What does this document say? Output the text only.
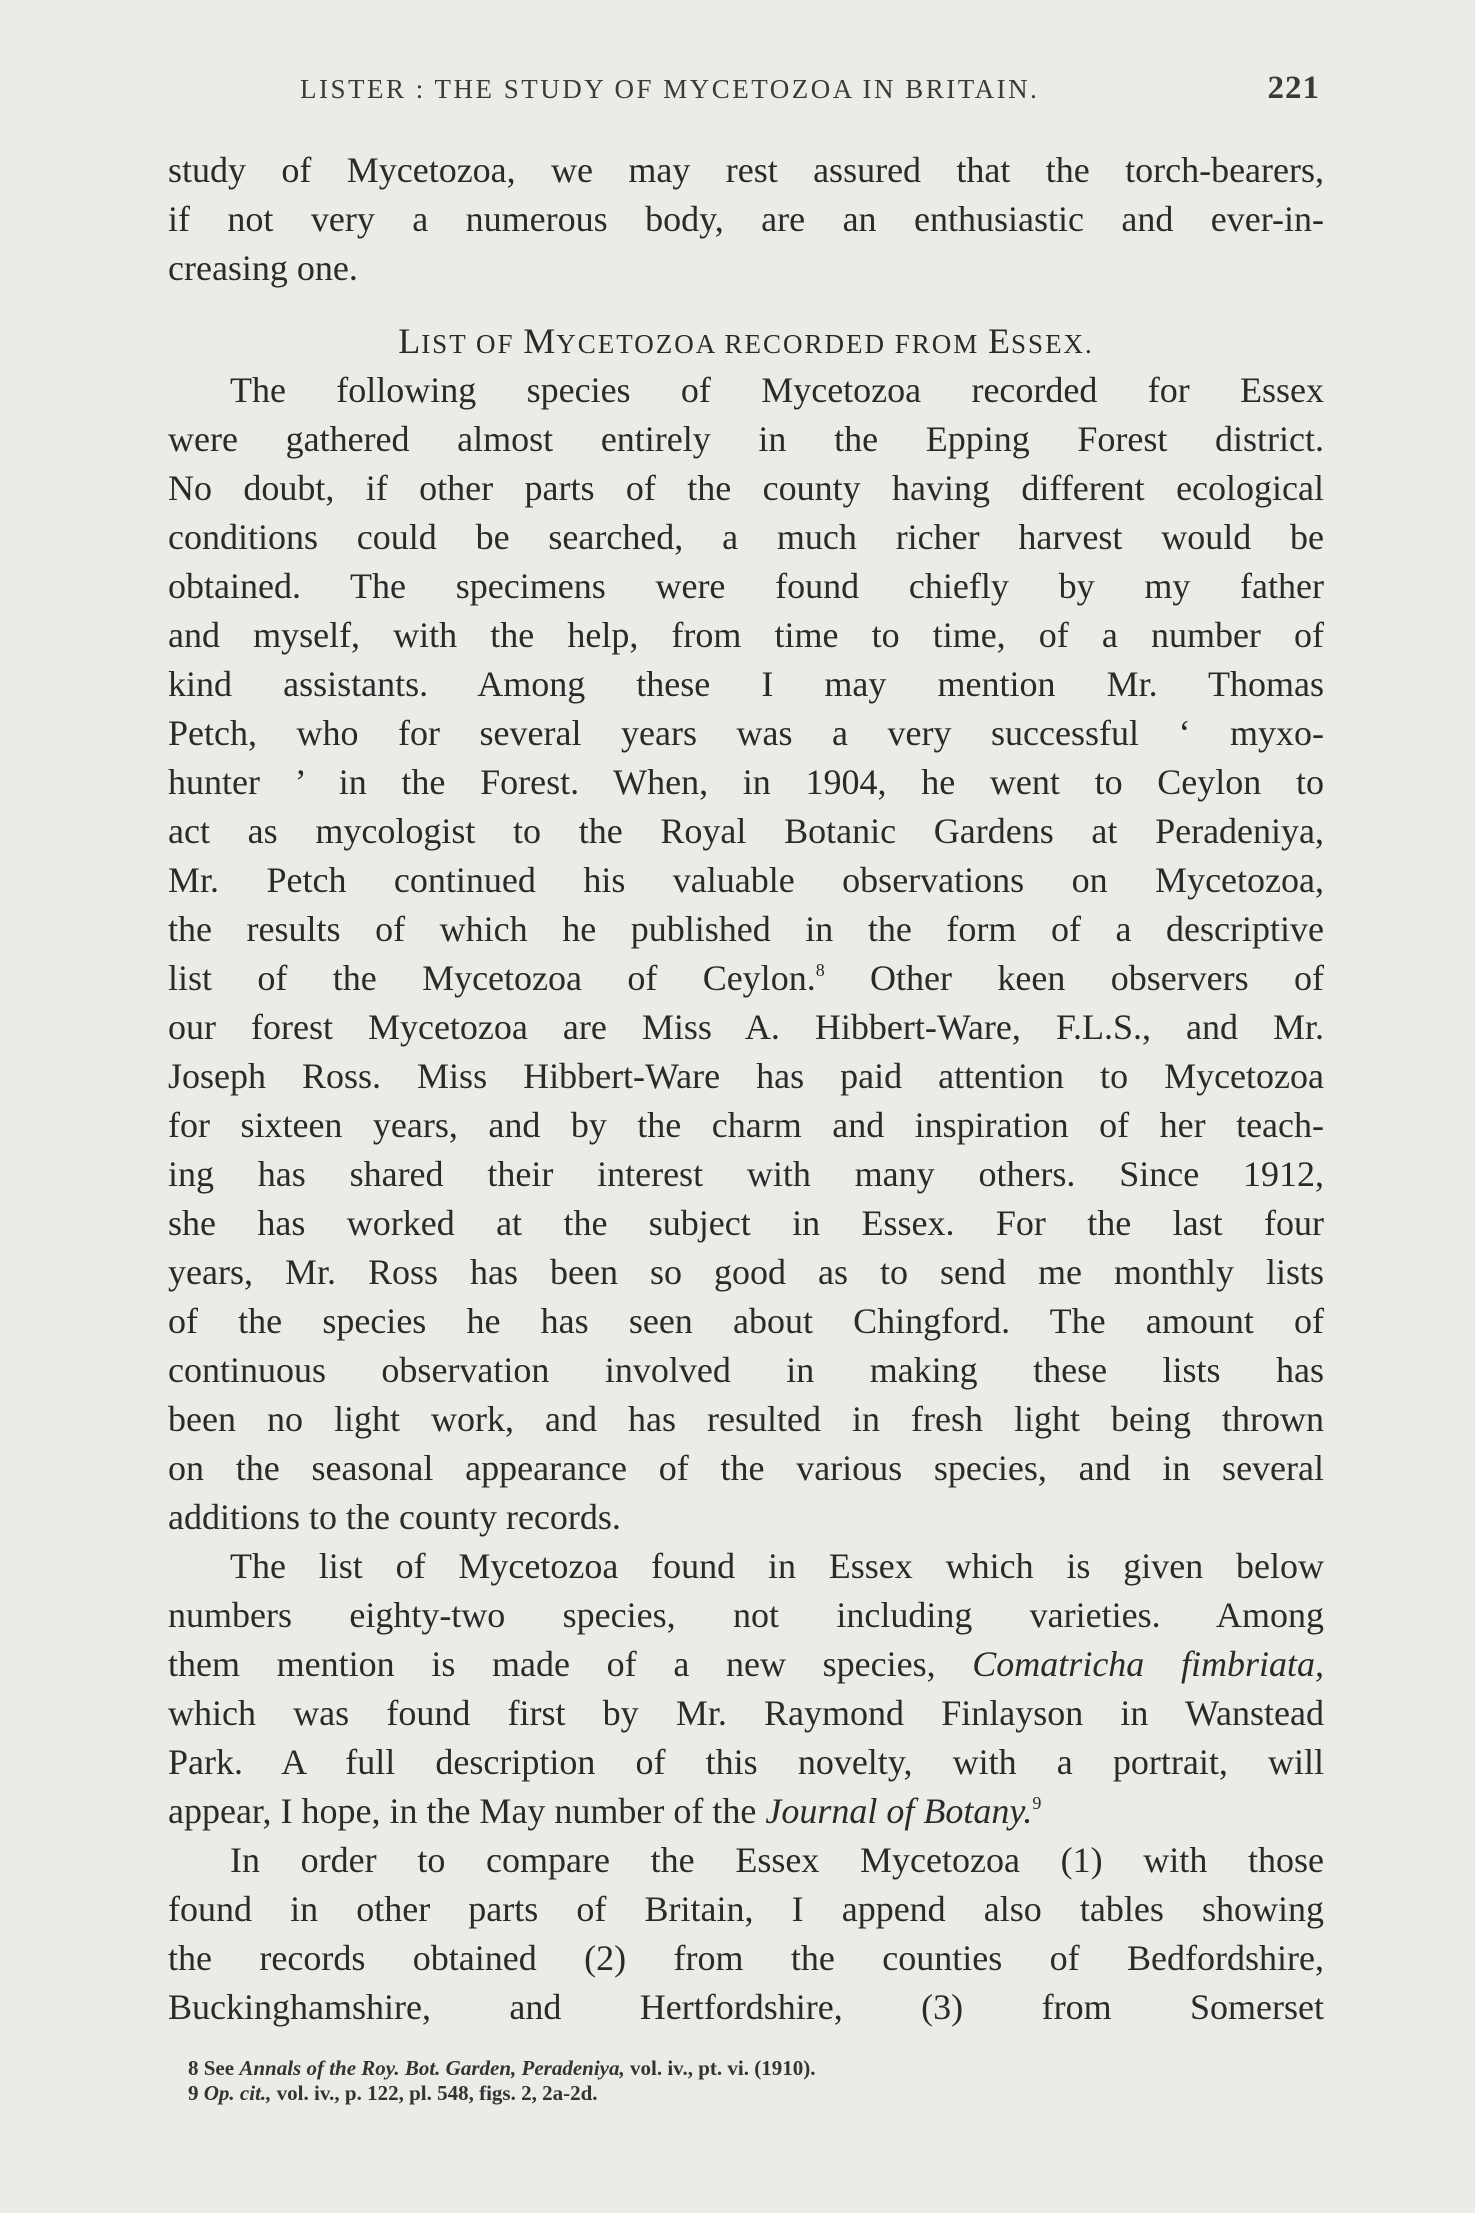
LISTER : THE STUDY OF MYCETOZOA IN BRITAIN.	221
study of Mycetozoa, we may rest assured that the torch-bearers,
if not very a numerous body, are an enthusiastic and ever-in-
creasing one.
LIST OF MYCETOZOA RECORDED FROM ESSEX.
The following species of Mycetozoa recorded for Essex
were gathered almost entirely in the Epping Forest district.
No doubt, if other parts of the county having different ecological
conditions could be searched, a much richer harvest would be
obtained. The specimens were found chiefly by my father
and myself, with the help, from time to time, of a number of
kind assistants. Among these I may mention Mr. Thomas
Petch, who for several years was a very successful ‘ myxo-
hunter ’ in the Forest. When, in 1904, he went to Ceylon to
act as mycologist to the Royal Botanic Gardens at Peradeniya,
Mr. Petch continued his valuable observations on Mycetozoa,
the results of which he published in the form of a descriptive
list of the Mycetozoa of Ceylon.$^8$ Other keen observers of
our forest Mycetozoa are Miss A. Hibbert-Ware, F.L.S., and Mr.
Joseph Ross. Miss Hibbert-Ware has paid attention to Mycetozoa
for sixteen years, and by the charm and inspiration of her teach-
ing has shared their interest with many others. Since 1912,
she has worked at the subject in Essex. For the last four
years, Mr. Ross has been so good as to send me monthly lists
of the species he has seen about Chingford. The amount of
continuous observation involved in making these lists has
been no light work, and has resulted in fresh light being thrown
on the seasonal appearance of the various species, and in several
additions to the county records.
The list of Mycetozoa found in Essex which is given below
numbers eighty-two species, not including varieties. Among
them mention is made of a new species, Comatricha fimbriata,
which was found first by Mr. Raymond Finlayson in Wanstead
Park. A full description of this novelty, with a portrait, will
appear, I hope, in the May number of the Journal of Botany.$^9$
In order to compare the Essex Mycetozoa (1) with those
found in other parts of Britain, I append also tables showing
the records obtained (2) from the counties of Bedfordshire,
Buckinghamshire, and Hertfordshire, (3) from Somerset
8 See Annals of the Roy. Bot. Garden, Peradeniya, vol. iv., pt. vi. (1910).
9 Op. cit., vol. iv., p. 122, pl. 548, figs. 2, 2a-2d.
